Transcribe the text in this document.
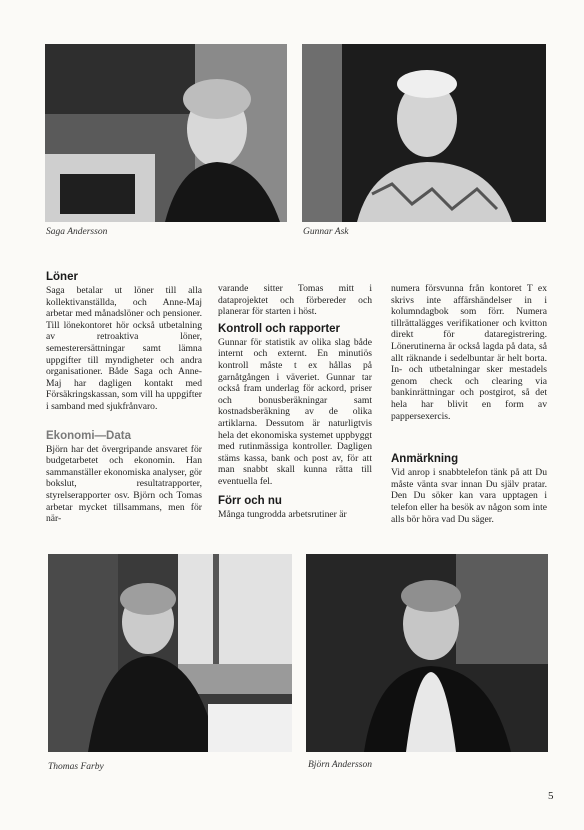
Saga Andersson	Gunnar Ask
Thomas Farby	Björn Andersson
Löner

Saga betalar ut löner till alla kollektivanställda, och Anne-Maj arbetar med månadslöner och pensioner. Till lönekontoret hör också utbetalning av retroaktiva löner, semesterersättningar samt lämna uppgifter till myndigheter och andra organisationer. Både Saga och Anne-Maj har dagligen kontakt med Försäkringskassan, som vill ha uppgifter i samband med sjukfrånvaro.

Ekonomi—Data

Björn har det övergripande ansvaret för budgetarbetet och ekonomin. Han sammanställer ekonomiska analyser, gör bokslut, resultatrapporter, styrelserapporter osv. Björn och Tomas arbetar mycket tillsammans, men för när-

varande sitter Tomas mitt i dataprojektet och förbereder och planerar för starten i höst.

Kontroll och rapporter

Gunnar för statistik av olika slag både internt och externt. En minutiös kontroll måste t ex hållas på garnåtgången i väveriet. Gunnar tar också fram underlag för ackord, priser och bonusberäkningar samt kostnadsberäkning av de olika artiklarna. Dessutom är naturligtvis hela det ekonomiska systemet uppbyggt med rutinmässiga kontroller. Dagligen stäms kassa, bank och post av, för att man snabbt skall kunna rätta till eventuella fel.

Förr och nu

Många tungrodda arbetsrutiner är

numera försvunna från kontoret T ex skrivs inte affärshändelser in i kolumndagbok som förr. Numera tillrättalägges verifikationer och kvitton direkt för dataregistrering. Lönerutinerna är också lagda på data, så allt räknande i sedelbuntar är helt borta. In- och utbetalningar sker mestadels genom check och clearing via bankinrättningar och postgirot, så det hela har blivit en form av pappersexercis.

Anmärkning

Vid anrop i snabbtelefon tänk på att Du måste vänta svar innan Du själv pratar. Den Du söker kan vara upptagen i telefon eller ha besök av någon som inte alls bör höra vad Du säger.

5
